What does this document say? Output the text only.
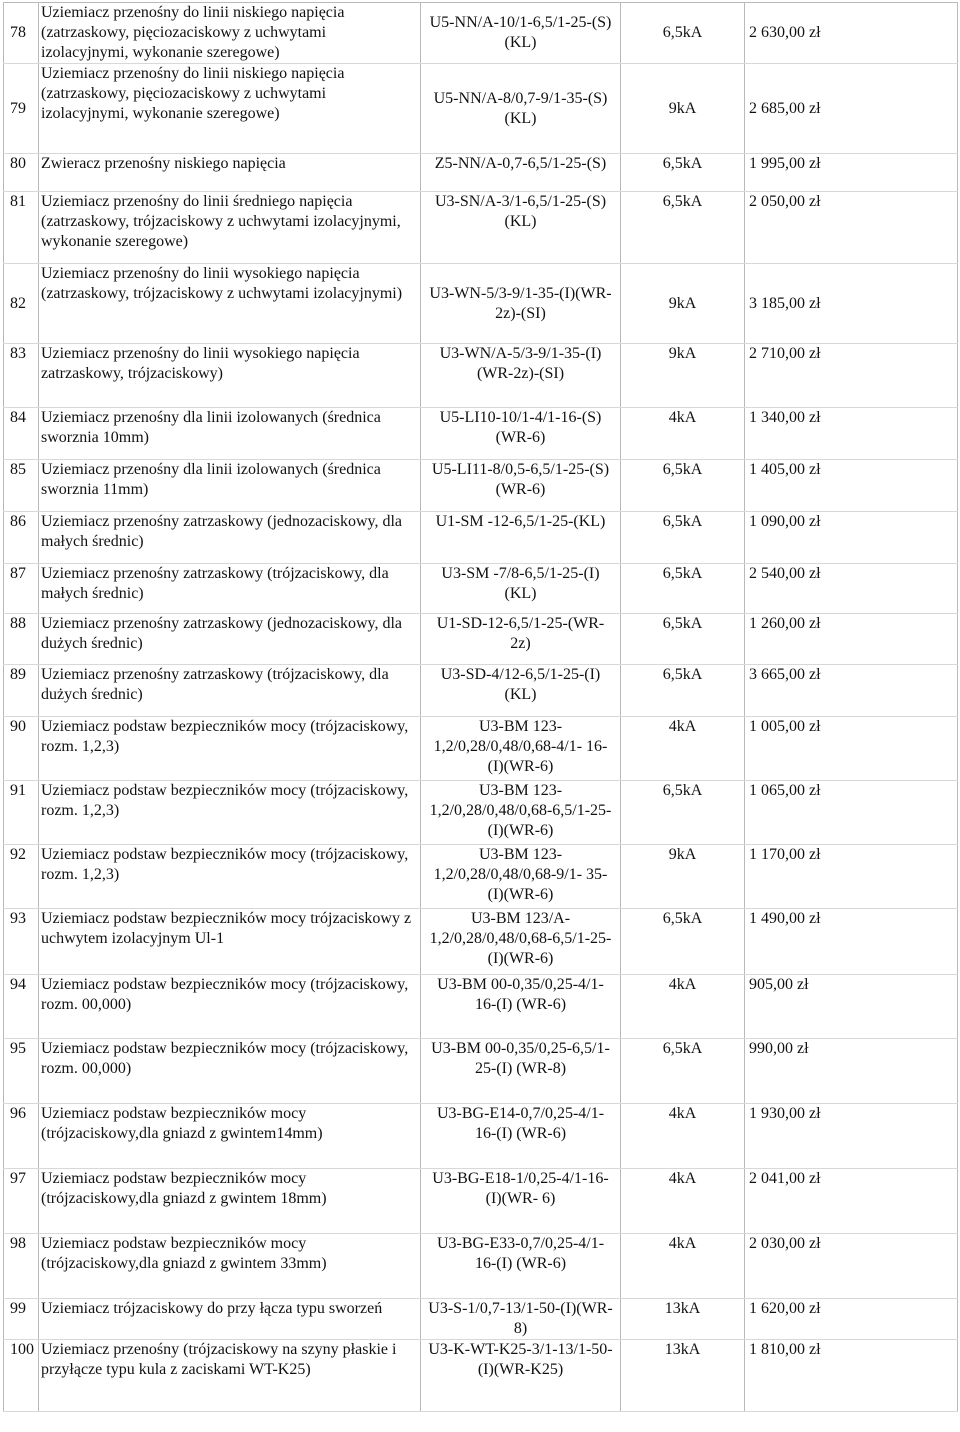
78	Uziemiacz przenośny do linii niskiego napięcia (zatrzaskowy, pięciozaciskowy z uchwytami izolacyjnymi, wykonanie szeregowe)	U5-NN/A-10/1-6,5/1-25-(S)(KL)	6,5kA	2 630,00 zł
79	Uziemiacz przenośny do linii niskiego napięcia (zatrzaskowy, pięciozaciskowy z uchwytami izolacyjnymi, wykonanie szeregowe)	U5-NN/A-8/0,7-9/1-35-(S)(KL)	9kA	2 685,00 zł
80	Zwieracz przenośny niskiego napięcia	Z5-NN/A-0,7-6,5/1-25-(S)	6,5kA	1 995,00 zł
81	Uziemiacz przenośny do linii średniego napięcia (zatrzaskowy, trójzaciskowy z uchwytami izolacyjnymi, wykonanie szeregowe)	U3-SN/A-3/1-6,5/1-25-(S)(KL)	6,5kA	2 050,00 zł
82	Uziemiacz przenośny do linii wysokiego napięcia (zatrzaskowy, trójzaciskowy z uchwytami izolacyjnymi)	U3-WN-5/3-9/1-35-(I)(WR-2z)-(SI)	9kA	3 185,00 zł
83	Uziemiacz przenośny do linii wysokiego napięcia zatrzaskowy, trójzaciskowy)	U3-WN/A-5/3-9/1-35-(I)(WR-2z)-(SI)	9kA	2 710,00 zł
84	Uziemiacz przenośny dla linii izolowanych (średnica sworznia 10mm)	U5-LI10-10/1-4/1-16-(S)(WR-6)	4kA	1 340,00 zł
85	Uziemiacz przenośny dla linii izolowanych (średnica sworznia 11mm)	U5-LI11-8/0,5-6,5/1-25-(S)(WR-6)	6,5kA	1 405,00 zł
86	Uziemiacz przenośny zatrzaskowy (jednozaciskowy, dla małych średnic)	U1-SM -12-6,5/1-25-(KL)	6,5kA	1 090,00 zł
87	Uziemiacz przenośny zatrzaskowy (trójzaciskowy, dla małych średnic)	U3-SM -7/8-6,5/1-25-(I)(KL)	6,5kA	2 540,00 zł
88	Uziemiacz przenośny zatrzaskowy (jednozaciskowy, dla dużych średnic)	U1-SD-12-6,5/1-25-(WR-2z)	6,5kA	1 260,00 zł
89	Uziemiacz przenośny zatrzaskowy (trójzaciskowy, dla dużych średnic)	U3-SD-4/12-6,5/1-25-(I)(KL)	6,5kA	3 665,00 zł
90	Uziemiacz podstaw bezpieczników mocy (trójzaciskowy, rozm. 1,2,3)	U3-BM 123-1,2/0,28/0,48/0,68-4/1- 16-(I)(WR-6)	4kA	1 005,00 zł
91	Uziemiacz podstaw bezpieczników mocy (trójzaciskowy, rozm. 1,2,3)	U3-BM 123-1,2/0,28/0,48/0,68-6,5/1-25-(I)(WR-6)	6,5kA	1 065,00 zł
92	Uziemiacz podstaw bezpieczników mocy (trójzaciskowy, rozm. 1,2,3)	U3-BM 123-1,2/0,28/0,48/0,68-9/1- 35-(I)(WR-6)	9kA	1 170,00 zł
93	Uziemiacz podstaw bezpieczników mocy trójzaciskowy z uchwytem izolacyjnym Ul-1	U3-BM 123/A-1,2/0,28/0,48/0,68-6,5/1-25-(I)(WR-6)	6,5kA	1 490,00 zł
94	Uziemiacz podstaw bezpieczników mocy (trójzaciskowy, rozm. 00,000)	U3-BM 00-0,35/0,25-4/1-16-(I) (WR-6)	4kA	905,00 zł
95	Uziemiacz podstaw bezpieczników mocy (trójzaciskowy, rozm. 00,000)	U3-BM 00-0,35/0,25-6,5/1-25-(I) (WR-8)	6,5kA	990,00 zł
96	Uziemiacz podstaw bezpieczników mocy (trójzaciskowy,dla gniazd z gwintem14mm)	U3-BG-E14-0,7/0,25-4/1-16-(I) (WR-6)	4kA	1 930,00 zł
97	Uziemiacz podstaw bezpieczników mocy (trójzaciskowy,dla gniazd z gwintem 18mm)	U3-BG-E18-1/0,25-4/1-16-(I)(WR- 6)	4kA	2 041,00 zł
98	Uziemiacz podstaw bezpieczników mocy (trójzaciskowy,dla gniazd z gwintem 33mm)	U3-BG-E33-0,7/0,25-4/1-16-(I) (WR-6)	4kA	2 030,00 zł
99	Uziemiacz trójzaciskowy do przy łącza typu sworzeń	U3-S-1/0,7-13/1-50-(I)(WR-8)	13kA	1 620,00 zł
100	Uziemiacz przenośny (trójzaciskowy na szyny płaskie i przyłącze typu kula z zaciskami WT-K25)	U3-K-WT-K25-3/1-13/1-50-(I)(WR-K25)	13kA	1 810,00 zł
